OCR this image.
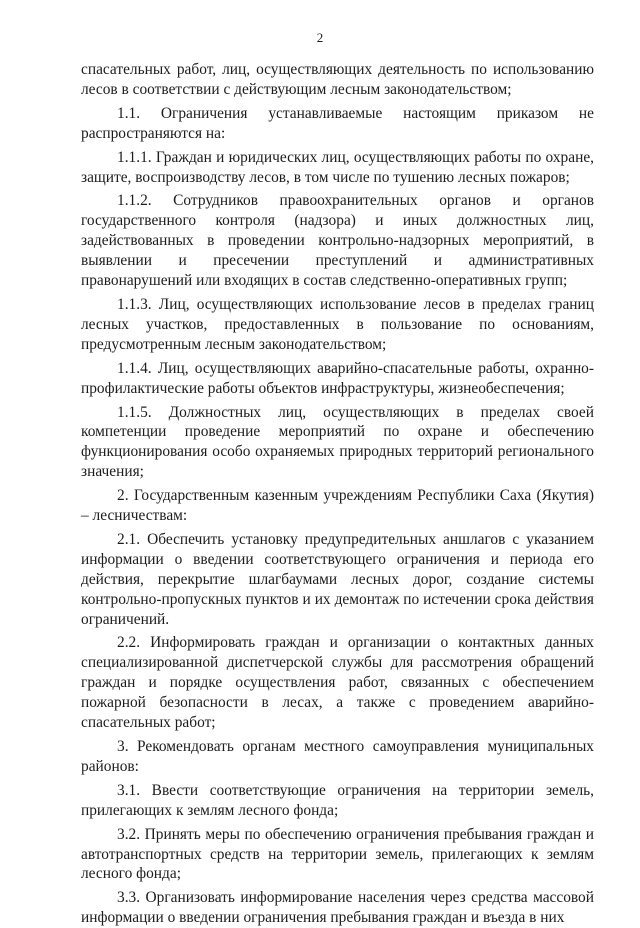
2

спасательных работ, лиц, осуществляющих деятельность по использованию лесов в соответствии с действующим лесным законодательством;

1.1. Ограничения устанавливаемые настоящим приказом не распространяются на:

1.1.1. Граждан и юридических лиц, осуществляющих работы по охране, защите, воспроизводству лесов, в том числе по тушению лесных пожаров;

1.1.2. Сотрудников правоохранительных органов и органов государственного контроля (надзора) и иных должностных лиц, задействованных в проведении контрольно-надзорных мероприятий, в выявлении и пресечении преступлений и административных правонарушений или входящих в состав следственно-оперативных групп;

1.1.3. Лиц, осуществляющих использование лесов в пределах границ лесных участков, предоставленных в пользование по основаниям, предусмотренным лесным законодательством;

1.1.4. Лиц, осуществляющих аварийно-спасательные работы, охранно-профилактические работы объектов инфраструктуры, жизнеобеспечения;

1.1.5. Должностных лиц, осуществляющих в пределах своей компетенции проведение мероприятий по охране и обеспечению функционирования особо охраняемых природных территорий регионального значения;

2. Государственным казенным учреждениям Республики Саха (Якутия) – лесничествам:

2.1. Обеспечить установку предупредительных аншлагов с указанием информации о введении соответствующего ограничения и периода его действия, перекрытие шлагбаумами лесных дорог, создание системы контрольно-пропускных пунктов и их демонтаж по истечении срока действия ограничений.

2.2. Информировать граждан и организации о контактных данных специализированной диспетчерской службы для рассмотрения обращений граждан и порядке осуществления работ, связанных с обеспечением пожарной безопасности в лесах, а также с проведением аварийно-спасательных работ;

3. Рекомендовать органам местного самоуправления муниципальных районов:

3.1. Ввести соответствующие ограничения на территории земель, прилегающих к землям лесного фонда;

3.2. Принять меры по обеспечению ограничения пребывания граждан и автотранспортных средств на территории земель, прилегающих к землям лесного фонда;

3.3. Организовать информирование населения через средства массовой информации о введении ограничения пребывания граждан и въезда в них
